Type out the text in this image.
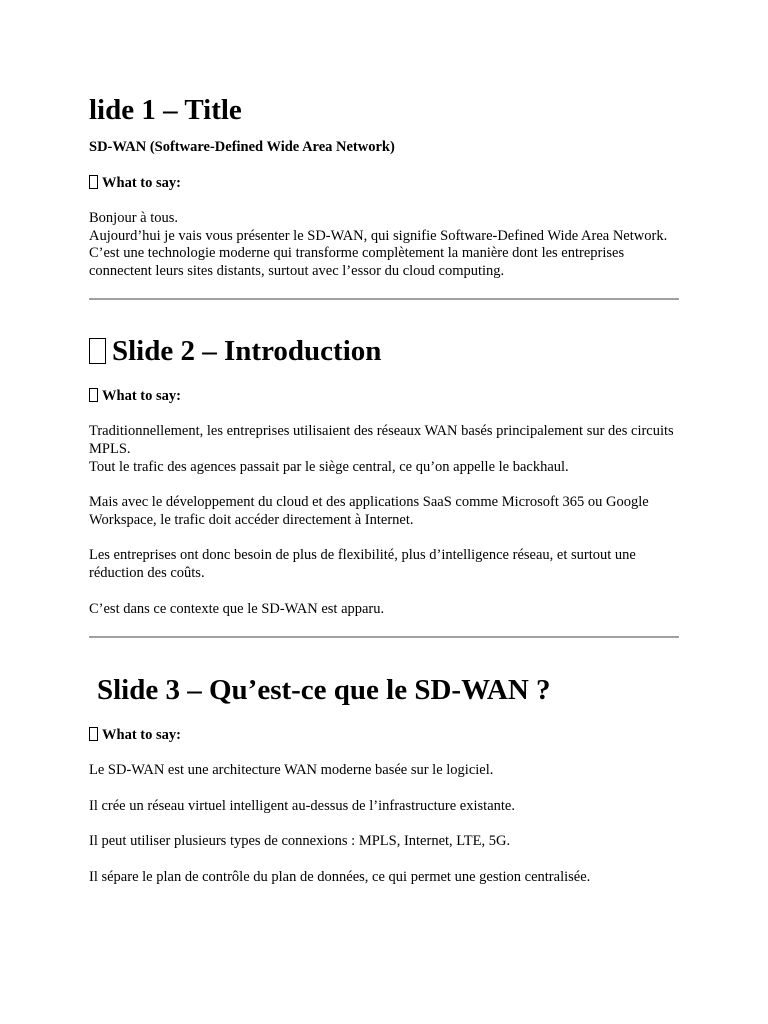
lide 1 – Title

SD-WAN (Software-Defined Wide Area Network)

What to say:

Bonjour à tous.

Aujourd’hui je vais vous présenter le SD-WAN, qui signifie Software-Defined Wide Area Network.

C’est une technologie moderne qui transforme complètement la manière dont les entreprises connectent leurs sites distants, surtout avec l’essor du cloud computing.

Slide 2 – Introduction

What to say:

Traditionnellement, les entreprises utilisaient des réseaux WAN basés principalement sur des circuits MPLS.

Tout le trafic des agences passait par le siège central, ce qu’on appelle le backhaul.

Mais avec le développement du cloud et des applications SaaS comme Microsoft 365 ou Google Workspace, le trafic doit accéder directement à Internet.

Les entreprises ont donc besoin de plus de flexibilité, plus d’intelligence réseau, et surtout une réduction des coûts.

C’est dans ce contexte que le SD-WAN est apparu.

Slide 3 – Qu’est-ce que le SD-WAN ?

What to say:

Le SD-WAN est une architecture WAN moderne basée sur le logiciel.

Il crée un réseau virtuel intelligent au-dessus de l’infrastructure existante.

Il peut utiliser plusieurs types de connexions : MPLS, Internet, LTE, 5G.

Il sépare le plan de contrôle du plan de données, ce qui permet une gestion centralisée.
